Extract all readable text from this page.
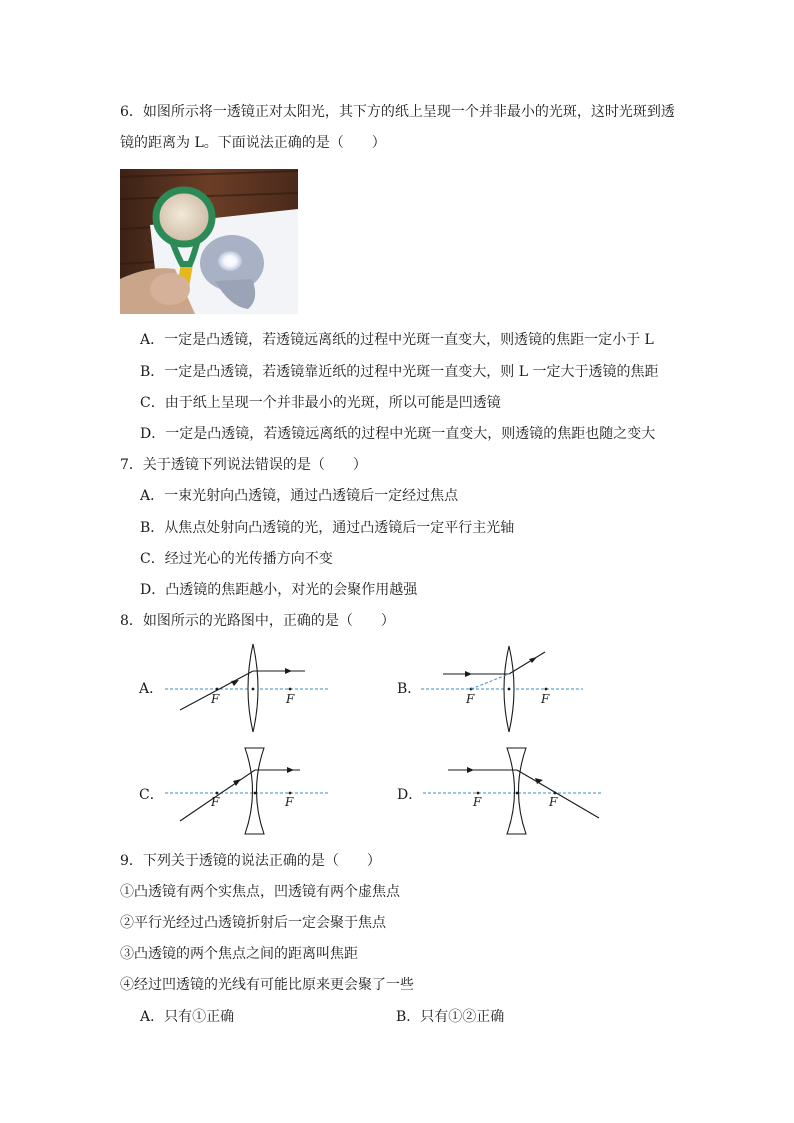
6．如图所示将一透镜正对太阳光，其下方的纸上呈现一个并非最小的光斑，这时光斑到透
镜的距离为 L。下面说法正确的是（　　）
A．一定是凸透镜，若透镜远离纸的过程中光斑一直变大，则透镜的焦距一定小于 L
B．一定是凸透镜，若透镜靠近纸的过程中光斑一直变大，则 L 一定大于透镜的焦距
C．由于纸上呈现一个并非最小的光斑，所以可能是凹透镜
D．一定是凸透镜，若透镜远离纸的过程中光斑一直变大，则透镜的焦距也随之变大
7．关于透镜下列说法错误的是（　　）
A．一束光射向凸透镜，通过凸透镜后一定经过焦点
B．从焦点处射向凸透镜的光，通过凸透镜后一定平行主光轴
C．经过光心的光传播方向不变
D．凸透镜的焦距越小，对光的会聚作用越强
8．如图所示的光路图中，正确的是（　　）
A．
F	F
B．
F	F
C．	F	F	D．	F	F
9．下列关于透镜的说法正确的是（　　）
①凸透镜有两个实焦点，凹透镜有两个虚焦点
②平行光经过凸透镜折射后一定会聚于焦点
③凸透镜的两个焦点之间的距离叫焦距
④经过凹透镜的光线有可能比原来更会聚了一些
A．只有①正确	B．只有①②正确
